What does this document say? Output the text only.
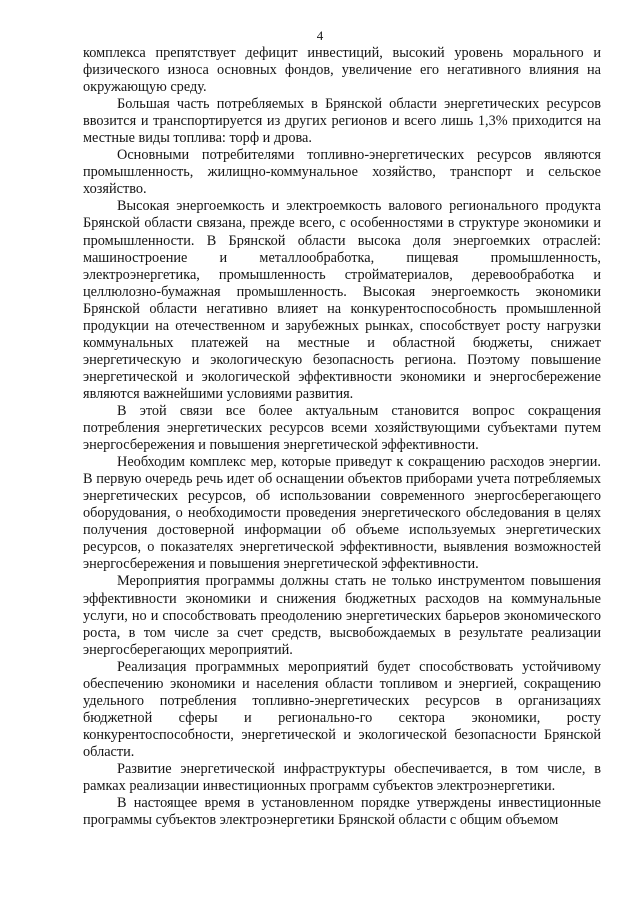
4

комплекса препятствует дефицит инвестиций, высокий уровень морального и физического износа основных фондов, увеличение его негативного влияния на окружающую среду.

Большая часть потребляемых в Брянской области энергетических ресурсов ввозится и транспортируется из других регионов и всего лишь 1,3% приходится на местные виды топлива: торф и дрова.

Основными потребителями топливно-энергетических ресурсов являются промышленность, жилищно-коммунальное хозяйство, транспорт и сельское хозяйство.

Высокая энергоемкость и электроемкость валового регионального продукта Брянской области связана, прежде всего, с особенностями в структуре экономики и промышленности. В Брянской области высока доля энергоемких отраслей: машиностроение и металлообработка, пищевая промышленность, электроэнергетика, промышленность стройматериалов, деревообработка и целлюлозно-бумажная промышленность. Высокая энергоемкость экономики Брянской области негативно влияет на конкурентоспособность промышленной продукции на отечественном и зарубежных рынках, способствует росту нагрузки коммунальных платежей на местные и областной бюджеты, снижает энергетическую и экологическую безопасность региона. Поэтому повышение энергетической и экологической эффективности экономики и энергосбережение являются важнейшими условиями развития.

В этой связи все более актуальным становится вопрос сокращения потребления энергетических ресурсов всеми хозяйствующими субъектами путем энергосбережения и повышения энергетической эффективности.

Необходим комплекс мер, которые приведут к сокращению расходов энергии. В первую очередь речь идет об оснащении объектов приборами учета потребляемых энергетических ресурсов, об использовании современного энергосберегающего оборудования, о необходимости проведения энергетического обследования в целях получения достоверной информации об объеме используемых энергетических ресурсов, о показателях энергетической эффективности, выявления возможностей энергосбережения и повышения энергетической эффективности.

Мероприятия программы должны стать не только инструментом повышения эффективности экономики и снижения бюджетных расходов на коммунальные услуги, но и способствовать преодолению энергетических барьеров экономического роста, в том числе за счет средств, высвобождаемых в результате реализации энергосберегающих мероприятий.

Реализация программных мероприятий будет способствовать устойчивому обеспечению экономики и населения области топливом и энергией, сокращению удельного потребления топливно-энергетических ресурсов в организациях бюджетной сферы и регионально-го сектора экономики, росту конкурентоспособности, энергетической и экологической безопасности Брянской области.

Развитие энергетической инфраструктуры обеспечивается, в том числе, в рамках реализации инвестиционных программ субъектов электроэнергетики.

В настоящее время в установленном порядке утверждены инвестиционные программы субъектов электроэнергетики Брянской области с общим объемом
